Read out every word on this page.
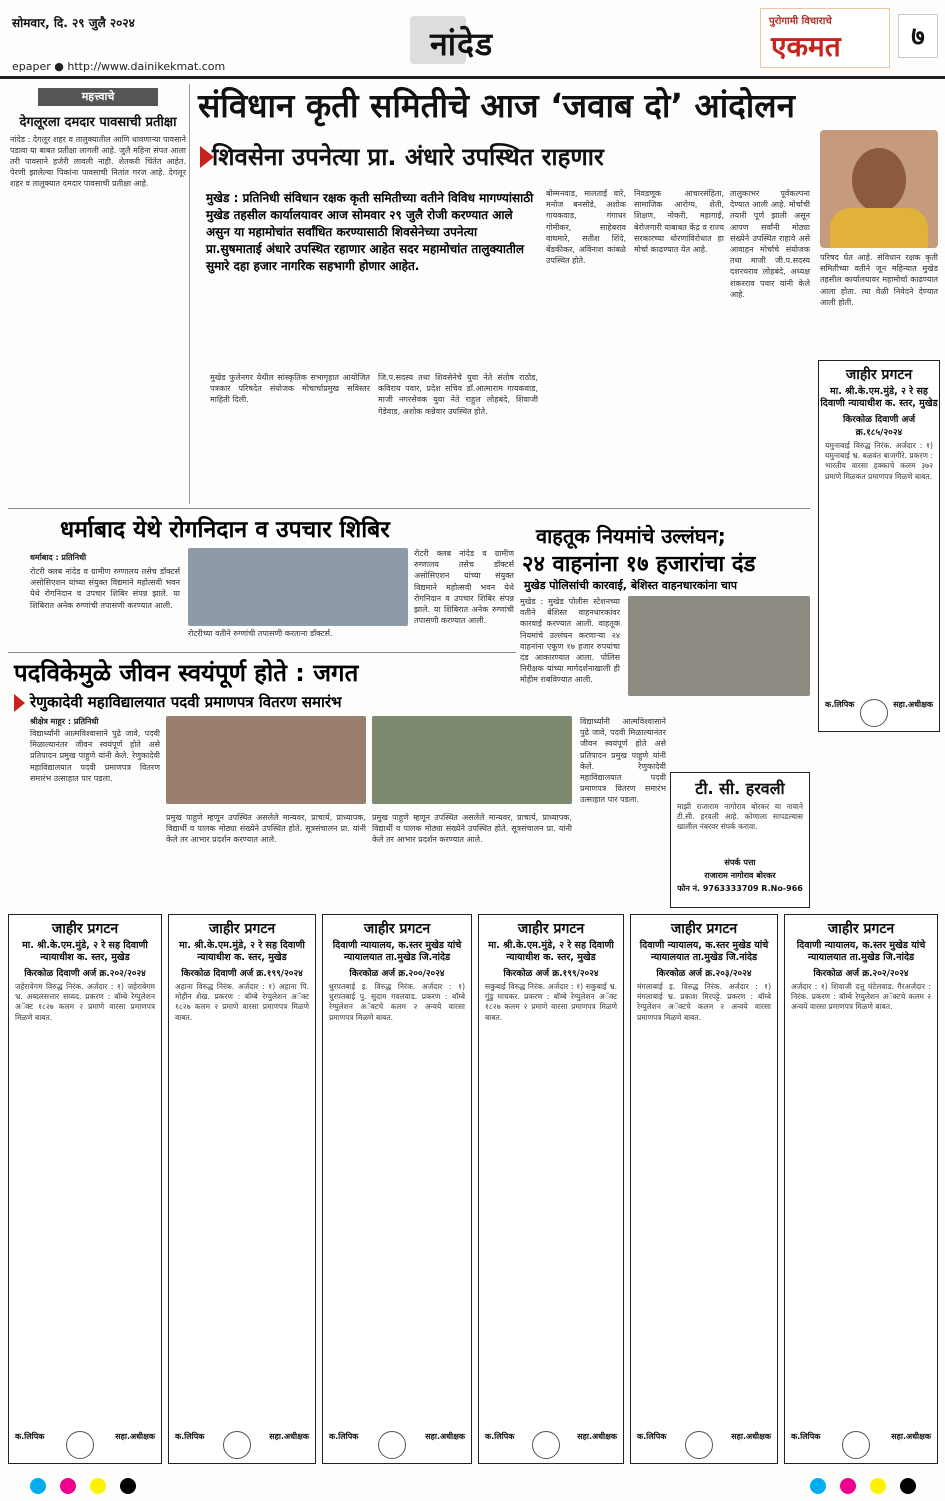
सोमवार, दि. २९ जुलै २०२४
epaper ● http://www.dainikekmat.com
नांदेड
पुरोगामी विचाराचे
एकमत	७
महत्त्वाचे
देगलूरला दमदार पावसाची प्रतीक्षा
नांदेड : देगलूर शहर व तालुक्यातील आणि धावणाऱ्या पावसाने पडावा या बाबत प्रतीक्षा लागली आहे. जुलै महिना संपत आला तरी पावसाने हजेरी लावली नाही. शेतकरी चिंतेत आहेत. पेरणी झालेल्या पिकांना पावसाची नितांत गरज आहे. देगलूर शहर व तालुक्यात दमदार पावसाची प्रतीक्षा आहे.
संविधान कृती समितीचे आज ‘जवाब दो’ आंदोलन
शिवसेना उपनेत्या प्रा. अंधारे उपस्थित राहणार
मुखेड : प्रतिनिधी संविधान रक्षक कृती समितीच्या वतीने विविध मागण्यांसाठी मुखेड तहसील कार्यालयावर आज सोमवार २९ जुलै रोजी करण्यात आले असुन या महामोचांत सर्वांधित करण्यासाठी शिवसेनेच्या उपनेत्या प्रा.सुषमाताई अंधारे उपस्थित रहाणार आहेत सदर महामोचांत तालुक्यातील सुमारे दहा हजार नागरिक सहभागी होणार आहेत.
बोम्मनवाड, मालताई वारे, मनोज बनसोडे, अशोक गायकवाड, गंगाधर गोमीकर, साहेबराव वाघमारे, सतीश शिंदे, बेंडकीकर, अविनाश कांबळे उपस्थित होते.
निवडणूक आचारसंहिता, सामाजिक आरोग्य, शेती, शिक्षण, नोकरी, महागाई, बेरोजगारी याबाबत केंद्र व राज्य सरकारच्या धोरणांविरोधात हा मोर्चा काढण्यात येत आहे.
तालुकाभर पूर्वकल्पना देण्यात आली आहे. मोर्चाची तयारी पूर्ण झाली असून आपण सर्वांनी मोठ्या संख्येने उपस्थित राहावे असे आवाहन मोर्चाचे संयोजक तथा माजी जी.प.सदस्य दशरथराव लोहबंदे, अध्यक्ष शंकरराव पवार यांनी केले आहे.
परिषद घेत आहे. संविधान रक्षक कृती समितीच्या वतीने जून महिन्यात मुखेड तहसील कार्यालयावर महामोर्चा काढण्यात आला होता. त्या वेळी निवेदने देण्यात आली होती.
मुखेड फुलेनगर येथील सांस्कृतिक सभागृहात आयोजित पत्रकार परिषदेत संयोजक मोचार्चाप्रमुख सविस्तर माहिती दिली.
जि.प.सदस्य तथा शिवसेनेचे युवा नेते संतोष राठोड, कविराय पवार, प्रदेश सचिव डॉ.आत्माराम गायकवाड, माजी नगरसेवक युवा नेते राहुल लोहबंदे, शिवाजी गेडेवाड, अशोक कन्नेवार उपस्थित होते.
जाहीर प्रगटन
मा. श्री.के.एम.मुंडे, २ रे सह दिवाणी न्यायाधीश क. स्तर, मुखेड
किरकोळ दिवाणी अर्ज क्र.१८५/२०२४
यमुनाबाई विरुद्ध निरंक. अर्जदार : १) यमुनाबाई भ्र. बळवंत बाजगीरे. प्रकरण : भारतीय वारसा हक्काचे कलम ३७२ प्रमाणे मिळकत प्रमाणपत्र मिळणे बाबत.
क.लिपिक	सहा.अधीक्षक
धर्माबाद येथे रोगनिदान व उपचार शिबिर
धर्माबाद : प्रतिनिधी
रोटरी क्लब नांदेड व ग्रामीण रुग्णालय तसेच डॉक्टर्स असोसिएशन यांच्या संयुक्त विद्यमाने महोत्सवी भवन येथे रोगनिदान व उपचार शिबिर संपन्न झाले. या शिबिरात अनेक रुग्णांची तपासणी करण्यात आली.
रोटरीच्या वतीने रुग्णांची तपासणी करताना डॉक्टर्स.
रोटरी क्लब नांदेड व ग्रामीण रुग्णालय तसेच डॉक्टर्स असोसिएशन यांच्या संयुक्त विद्यमाने महोत्सवी भवन येथे रोगनिदान व उपचार शिबिर संपन्न झाले. या शिबिरात अनेक रुग्णांची तपासणी करण्यात आली.
वाहतूक नियमांचे उल्लंघन;
२४ वाहनांना १७ हजारांचा दंड
मुखेड पोलिसांची कारवाई, बेशिस्त वाहनधारकांना चाप
मुखेड : मुखेड पोलीस स्टेशनच्या वतीने बेशिस्त वाहनधारकांवर कारवाई करण्यात आली. वाहतूक नियमांचे उल्लंघन करणाऱ्या २४ वाहनांना एकूण १७ हजार रुपयांचा दंड आकारण्यात आला. पोलिस निरीक्षक यांच्या मार्गदर्शनाखाली ही मोहीम राबविण्यात आली.
पदविकेमुळे जीवन स्वयंपूर्ण होते : जगत
रेणुकादेवी महाविद्यालयात पदवी प्रमाणपत्र वितरण समारंभ
श्रीक्षेत्र माहूर : प्रतिनिधी
विद्यार्थ्यांनी आत्मविश्वासाने पुढे जावे, पदवी मिळाल्यानंतर जीवन स्वयंपूर्ण होते असे प्रतिपादन प्रमुख पाहुणे यांनी केले. रेणुकादेवी महाविद्यालयात पदवी प्रमाणपत्र वितरण समारंभ उत्साहात पार पडला.
प्रमुख पाहुणे म्हणून उपस्थित असलेले मान्यवर, प्राचार्य, प्राध्यापक, विद्यार्थी व पालक मोठ्या संख्येने उपस्थित होते. सूत्रसंचालन प्रा. यांनी केले तर आभार प्रदर्शन करण्यात आले.
प्रमुख पाहुणे म्हणून उपस्थित असलेले मान्यवर, प्राचार्य, प्राध्यापक, विद्यार्थी व पालक मोठ्या संख्येने उपस्थित होते. सूत्रसंचालन प्रा. यांनी केले तर आभार प्रदर्शन करण्यात आले.
विद्यार्थ्यांनी आत्मविश्वासाने पुढे जावे, पदवी मिळाल्यानंतर जीवन स्वयंपूर्ण होते असे प्रतिपादन प्रमुख पाहुणे यांनी केले. रेणुकादेवी महाविद्यालयात पदवी प्रमाणपत्र वितरण समारंभ उत्साहात पार पडला.
टी. सी. हरवली
माझी राजाराम नागोराव बोरकर या नावाने टी.सी. हरवली आहे. कोणाला सापडल्यास खालील नंबरवर संपर्क करावा.
संपर्क पत्ता
राजाराम नागोराव बोरकर
फोन नं. 9763333709 R.No-966
जाहीर प्रगटन
मा. श्री.के.एम.मुंडे, २ रे सह दिवाणी न्यायाधीश क. स्तर, मुखेड
किरकोळ दिवाणी अर्ज क्र.२०२/२०२४
जहेरावेगम विरुद्ध निरंक. अर्जदार : १) जहेराबेगम भ्र. अब्दलसत्तार सय्यद. प्रकरण : बॉम्बे रेग्युलेशन अॅक्ट १८२७ कलम २ प्रमाणे वारसा प्रमाणपत्र मिळणे बाबत.
क.लिपिक	सहा.अधीक्षक
जाहीर प्रगटन
मा. श्री.के.एम.मुंडे, २ रे सह दिवाणी न्यायाधीश क. स्तर, मुखेड
किरकोळ दिवाणी अर्ज क्र.१९९/२०२४
अहाना विरुद्ध निरंक. अर्जदार : १) अहाना पि. मोहीन शेख. प्रकरण : बॉम्बे रेग्युलेशन अॅक्ट १८२७ कलम २ प्रमाणे वारसा प्रमाणपत्र मिळणे बाबत.
क.लिपिक	सहा.अधीक्षक
जाहीर प्रगटन
दिवाणी न्यायालय, क.स्तर मुखेड यांचे न्यायालयात ता.मुखेड जि.नांदेड
किरकोळ अर्ज क्र.२००/२०२४
धुरपतबाई इ. विरुद्ध निरंक. अर्जदार : १) धुरपतबाई पु. सुदाम गवलवाड. प्रकरण : बॉम्बे रेग्युलेशन अॅक्टचे कलम २ अन्वये वारसा प्रमाणपत्र मिळणे बाबत.
क.लिपिक	सहा.अधीक्षक
जाहीर प्रगटन
मा. श्री.के.एम.मुंडे, २ रे सह दिवाणी न्यायाधीश क. स्तर, मुखेड
किरकोळ अर्ज क्र.१९९/२०२४
सकुबाई विरुद्ध निरंक. अर्जदार : १) सकुबाई भ्र. गुंडु माचकर. प्रकरण : बॉम्बे रेग्युलेशन अॅक्ट १८२७ कलम २ प्रमाणे वारसा प्रमाणपत्र मिळणे बाबत.
क.लिपिक	सहा.अधीक्षक
जाहीर प्रगटन
दिवाणी न्यायालय, क.स्तर मुखेड यांचे न्यायालयात ता.मुखेड जि.नांदेड
किरकोळ अर्ज क्र.२०३/२०२४
मंगलाबाई इ. विरुद्ध निरंक. अर्जदार : १) मंगलाबाई भ्र. प्रकाश मिरपट्टे. प्रकरण : बॉम्बे रेग्युलेशन अॅक्टचे कलम २ अन्वये वारसा प्रमाणपत्र मिळणे बाबत.
क.लिपिक	सहा.अधीक्षक
जाहीर प्रगटन
दिवाणी न्यायालय, क.स्तर मुखेड यांचे न्यायालयात ता.मुखेड जि.नांदेड
किरकोळ अर्ज क्र.२०२/२०२४
अर्जदार : १) शिवाजी दत्तु घंटेलवाड. गैरअर्जदार : निरंक. प्रकरण : बॉम्बे रेग्युलेशन अॅक्टचे कलम २ अन्वये वारसा प्रमाणपत्र मिळणे बाबत.
क.लिपिक	सहा.अधीक्षक
